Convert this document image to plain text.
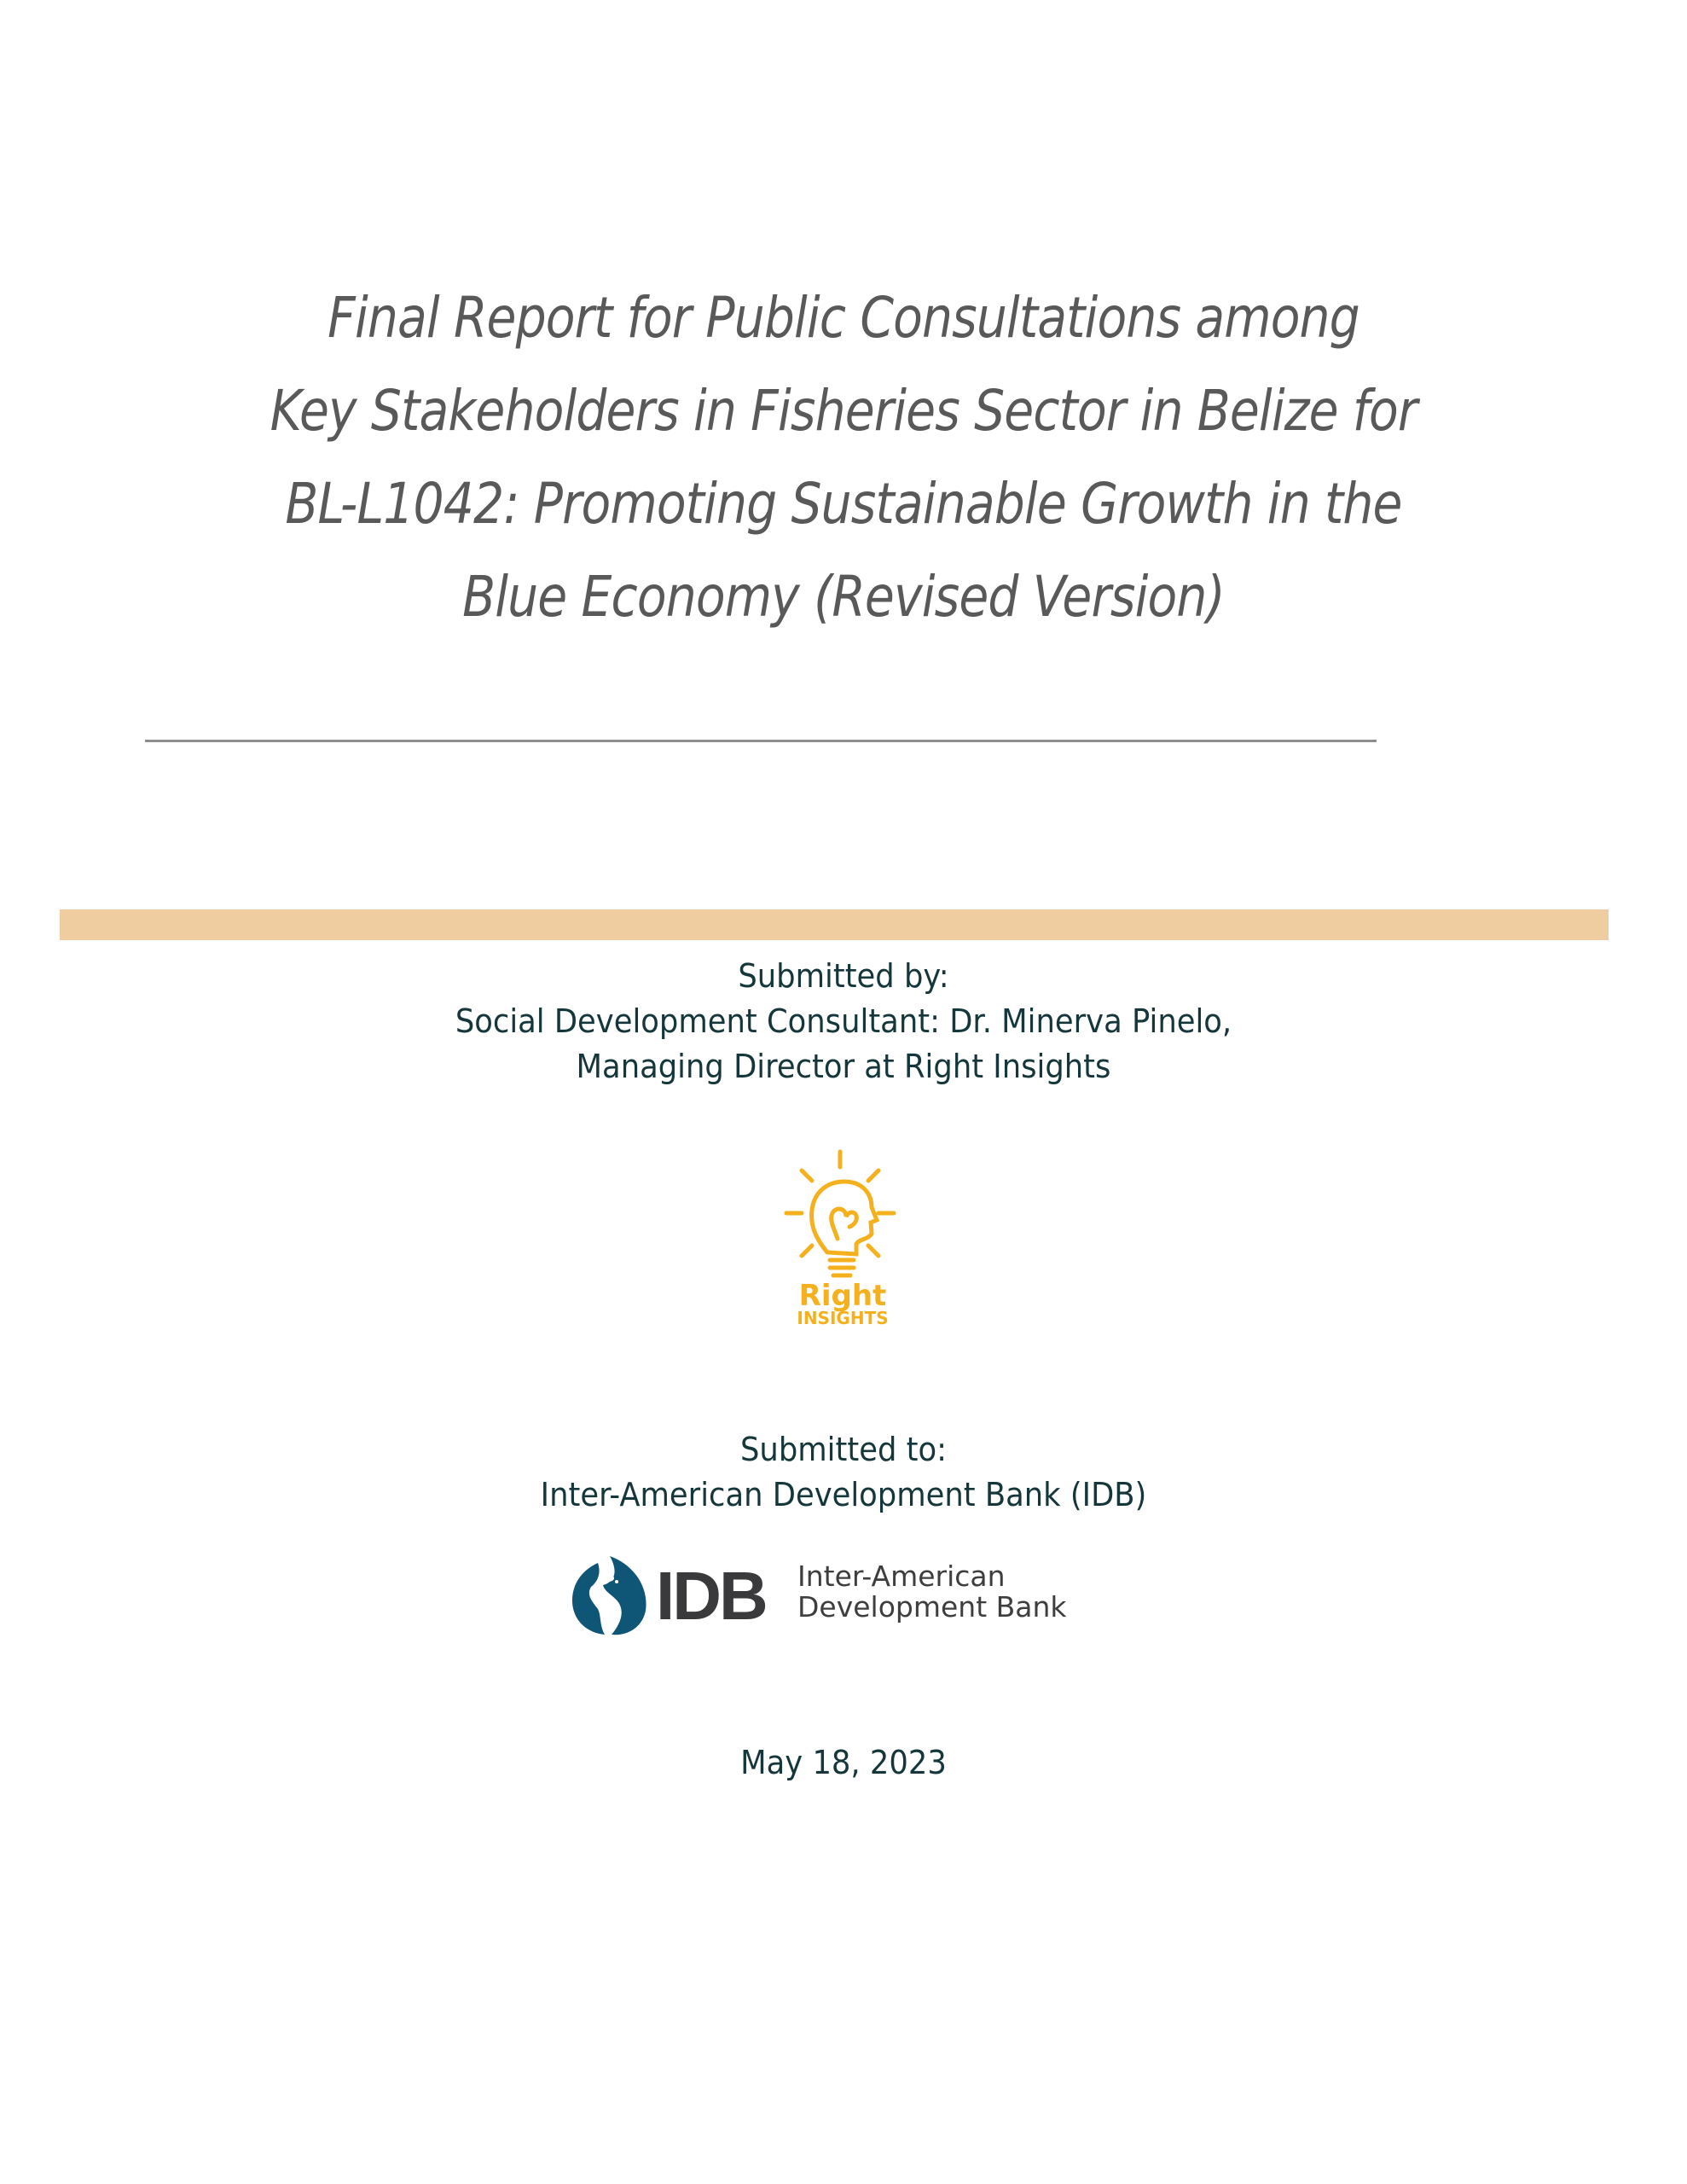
Final Report for Public Consultations among
Key Stakeholders in Fisheries Sector in Belize for
BL-L1042: Promoting Sustainable Growth in the
Blue Economy (Revised Version)
Submitted by:
Social Development Consultant: Dr. Minerva Pinelo,
Managing Director at Right Insights
Right
INSIGHTS
Submitted to:
Inter-American Development Bank (IDB)
IDB Inter-American
Development Bank
May 18, 2023
